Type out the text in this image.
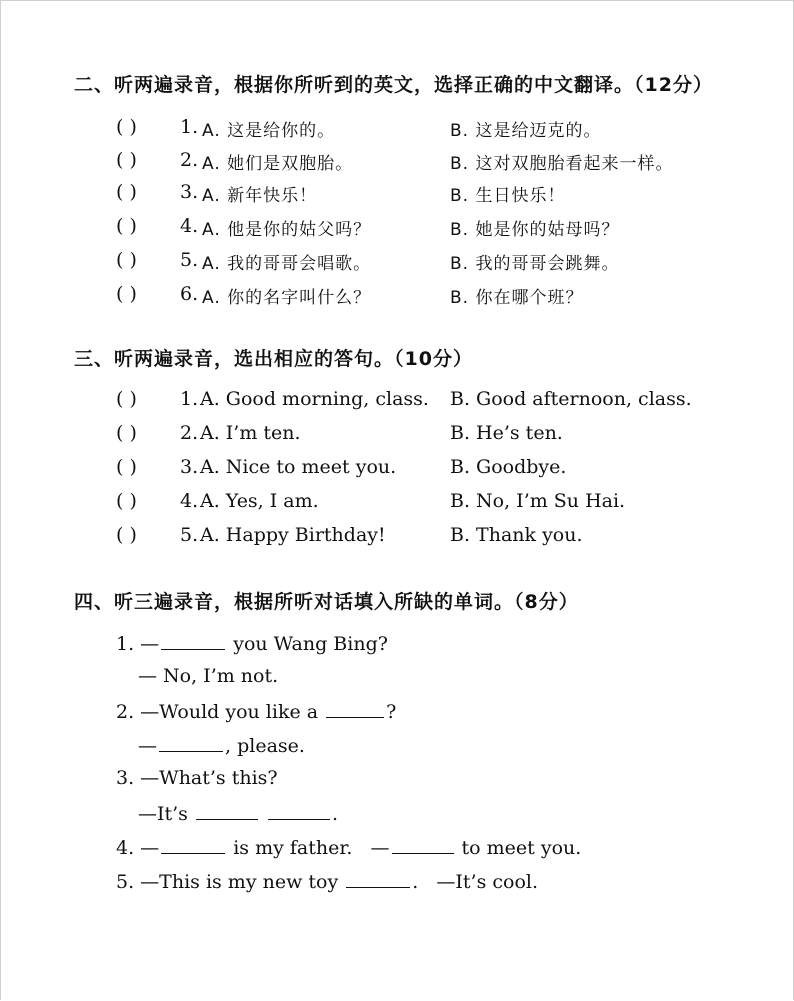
二、听两遍录音，根据你所听到的英文，选择正确的中文翻译。（12分）
( ) 1. A. 这是给你的。	B. 这是给迈克的。
( ) 2. A. 她们是双胞胎。	B. 这对双胞胎看起来一样。
( ) 3. A. 新年快乐！	B. 生日快乐！
( ) 4. A. 他是你的姑父吗？	B. 她是你的姑母吗？
( ) 5. A. 我的哥哥会唱歌。	B. 我的哥哥会跳舞。
( ) 6. A. 你的名字叫什么？	B. 你在哪个班？
三、听两遍录音，选出相应的答句。（10分）
( ) 1. A. Good morning, class. B. Good afternoon, class.
( ) 2. A. I’m ten.	B. He’s ten.
( ) 3. A. Nice to meet you.	B. Goodbye.
( ) 4. A. Yes, I am.	B. No, I’m Su Hai.
( ) 5. A. Happy Birthday!	B. Thank you.
四、听三遍录音，根据所听对话填入所缺的单词。（8分）
1. —	you Wang Bing?
— No, I’m not.
2. —Would you like a	?
—	, please.
3. —What’s this?
—It’s	.
4. —	is my father.   —	to meet you.
5. —This is my new toy	.   —It’s cool.
